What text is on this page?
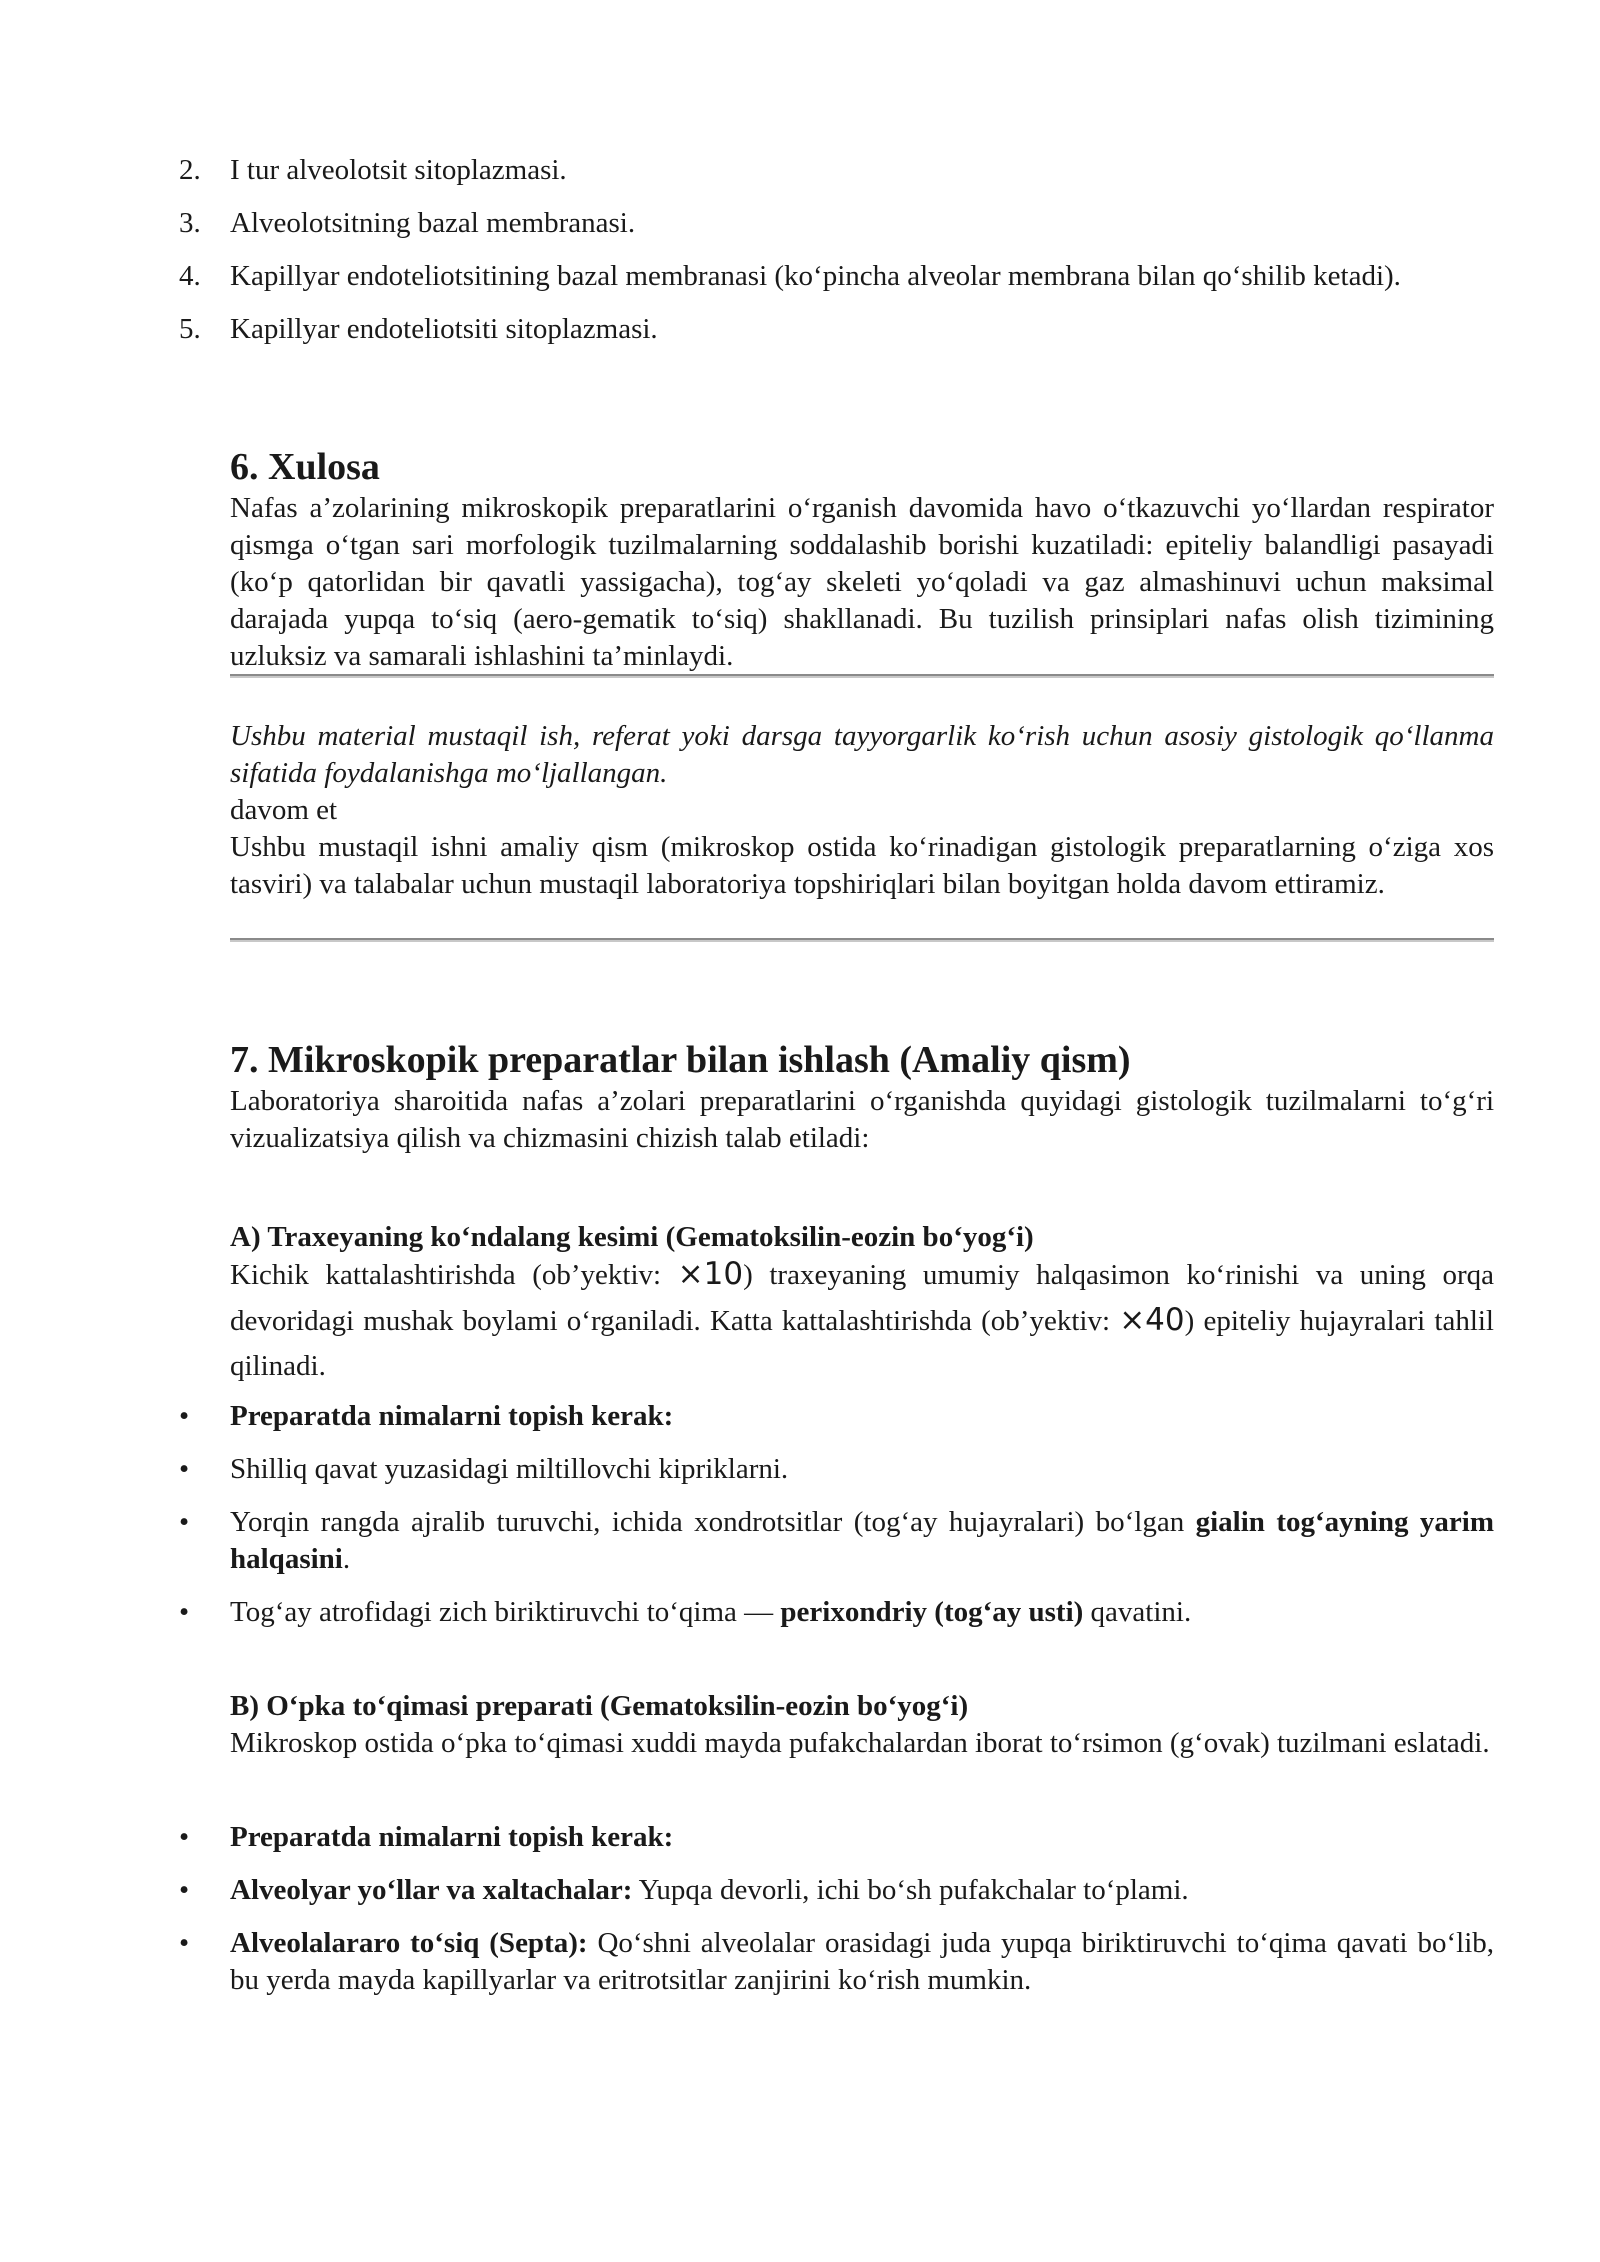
2. I tur alveolotsit sitoplazmasi.
3. Alveolotsitning bazal membranasi.
4. Kapillyar endoteliotsitining bazal membranasi (ko‘pincha alveolar membrana bilan qo‘shilib ketadi).
5. Kapillyar endoteliotsiti sitoplazmasi.
6. Xulosa

Nafas a’zolarining mikroskopik preparatlarini o‘rganish davomida havo o‘tkazuvchi yo‘llardan respirator qismga o‘tgan sari morfologik tuzilmalarning soddalashib borishi kuzatiladi: epiteliy balandligi pasayadi (ko‘p qatorlidan bir qavatli yassigacha), tog‘ay skeleti yo‘qoladi va gaz almashinuvi uchun maksimal darajada yupqa to‘siq (aero-gematik to‘siq) shakllanadi. Bu tuzilish prinsiplari nafas olish tizimining uzluksiz va samarali ishlashini ta’minlaydi.

Ushbu material mustaqil ish, referat yoki darsga tayyorgarlik ko‘rish uchun asosiy gistologik qo‘llanma sifatida foydalanishga mo‘ljallangan.

davom et

Ushbu mustaqil ishni amaliy qism (mikroskop ostida ko‘rinadigan gistologik preparatlarning o‘ziga xos tasviri) va talabalar uchun mustaqil laboratoriya topshiriqlari bilan boyitgan holda davom ettiramiz.

7. Mikroskopik preparatlar bilan ishlash (Amaliy qism)

Laboratoriya sharoitida nafas a’zolari preparatlarini o‘rganishda quyidagi gistologik tuzilmalarni to‘g‘ri vizualizatsiya qilish va chizmasini chizish talab etiladi:

A) Traxeyaning ko‘ndalang kesimi (Gematoksilin-eozin bo‘yog‘i)

Kichik kattalashtirishda (ob’yektiv: ×10) traxeyaning umumiy halqasimon ko‘rinishi va uning orqa devoridagi mushak boylami o‘rganiladi. Katta kattalashtirishda (ob’yektiv: ×40) epiteliy hujayralari tahlil qilinadi.

• Preparatda nimalarni topish kerak:
• Shilliq qavat yuzasidagi miltillovchi kipriklarni.
• Yorqin rangda ajralib turuvchi, ichida xondrotsitlar (tog‘ay hujayralari) bo‘lgan gialin tog‘ayning yarim halqasini.
• Tog‘ay atrofidagi zich biriktiruvchi to‘qima — perixondriy (tog‘ay usti) qavatini.
B) O‘pka to‘qimasi preparati (Gematoksilin-eozin bo‘yog‘i)

Mikroskop ostida o‘pka to‘qimasi xuddi mayda pufakchalardan iborat to‘rsimon (g‘ovak) tuzilmani eslatadi.

• Preparatda nimalarni topish kerak:
• Alveolyar yo‘llar va xaltachalar: Yupqa devorli, ichi bo‘sh pufakchalar to‘plami.
• Alveolalararo to‘siq (Septa): Qo‘shni alveolalar orasidagi juda yupqa biriktiruvchi to‘qima qavati bo‘lib, bu yerda mayda kapillyarlar va eritrotsitlar zanjirini ko‘rish mumkin.
